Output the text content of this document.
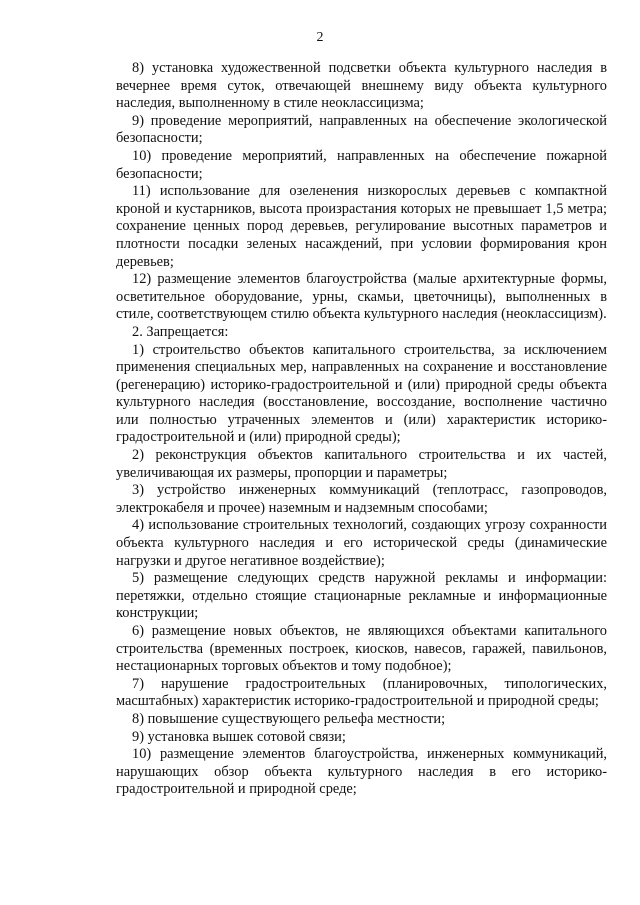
2

8) установка художественной подсветки объекта культурного наследия в вечернее время суток, отвечающей внешнему виду объекта культурного наследия, выполненному в стиле неоклассицизма;

9) проведение мероприятий, направленных на обеспечение экологической безопасности;

10) проведение мероприятий, направленных на обеспечение пожарной безопасности;

11) использование для озеленения низкорослых деревьев с компактной кроной и кустарников, высота произрастания которых не превышает 1,5 метра; сохранение ценных пород деревьев, регулирование высотных параметров и плотности посадки зеленых насаждений, при условии формирования крон деревьев;

12) размещение элементов благоустройства (малые архитектурные формы, осветительное оборудование, урны, скамьи, цветочницы), выполненных в стиле, соответствующем стилю объекта культурного наследия (неоклассицизм).

2. Запрещается:

1) строительство объектов капитального строительства, за исключением применения специальных мер, направленных на сохранение и восстановление (регенерацию) историко-градостроительной и (или) природной среды объекта культурного наследия (восстановление, воссоздание, восполнение частично или полностью утраченных элементов и (или) характеристик историко-градостроительной и (или) природной среды);

2) реконструкция объектов капитального строительства и их частей, увеличивающая их размеры, пропорции и параметры;

3) устройство инженерных коммуникаций (теплотрасс, газопроводов, электрокабеля и прочее) наземным и надземным способами;

4) использование строительных технологий, создающих угрозу сохранности объекта культурного наследия и его исторической среды (динамические нагрузки и другое негативное воздействие);

5) размещение следующих средств наружной рекламы и информации: перетяжки, отдельно стоящие стационарные рекламные и информационные конструкции;

6) размещение новых объектов, не являющихся объектами капитального строительства (временных построек, киосков, навесов, гаражей, павильонов, нестационарных торговых объектов и тому подобное);

7) нарушение градостроительных (планировочных, типологических, масштабных) характеристик историко-градостроительной и природной среды;

8) повышение существующего рельефа местности;

9) установка вышек сотовой связи;

10) размещение элементов благоустройства, инженерных коммуникаций, нарушающих обзор объекта культурного наследия в его историко-градостроительной и природной среде;
